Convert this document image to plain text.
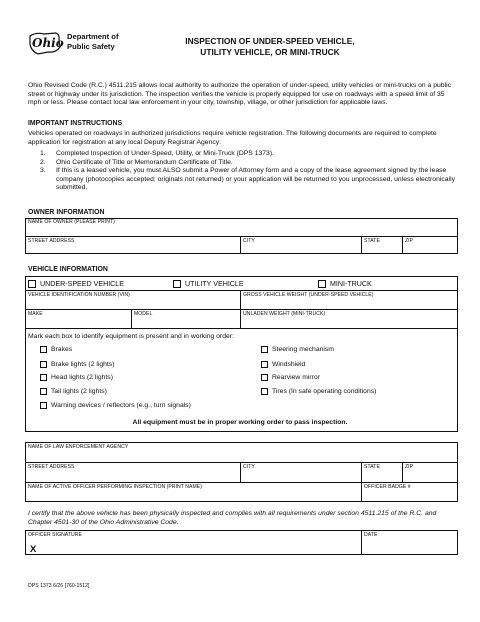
Ohio Department of
Public Safety	INSPECTION OF UNDER-SPEED VEHICLE,
UTILITY VEHICLE, OR MINI-TRUCK
Ohio Revised Code (R.C.) 4511.215 allows local authority to authorize the operation of under-speed, utility vehicles or mini-trucks on a public street or highway under its jurisdiction. The inspection verifies the vehicle is properly equipped for use on roadways with a speed limit of 35 mph or less. Please contact local law enforcement in your city, township, village, or other jurisdiction for applicable laws.
IMPORTANT INSTRUCTIONS
Vehicles operated on roadways in authorized jurisdictions require vehicle registration. The following documents are required to complete application for registration at any local Deputy Registrar Agency:
1. Completed Inspection of Under-Speed, Utility, or Mini-Truck (DPS 1373).
2. Ohio Certificate of Title or Memorandum Certificate of Title.
3. If this is a leased vehicle, you must ALSO submit a Power of Attorney form and a copy of the lease agreement signed by the lease company (photocopies accepted; originals not returned) or your application will be returned to you unprocessed, unless electronically submitted.
OWNER INFORMATION
NAME OF OWNER (PLEASE PRINT)
STREET ADDRESS	CITY	STATE	ZIP
VEHICLE INFORMATION
UNDER-SPEED VEHICLE	UTILITY VEHICLE	MINI-TRUCK
VEHICLE IDENTIFICATION NUMBER (VIN)	GROSS VEHICLE WEIGHT (UNDER-SPEED VEHICLE)
MAKE	MODEL	UNLADEN WEIGHT (MINI-TRUCK)
Mark each box to identify equipment is present and in working order:
Brakes
Brake lights (2 lights)
Head lights (2 lights)
Tail lights (2 lights)
Warning devices / reflectors (e.g., turn signals)
Steering mechanism
Windshield
Rearview mirror
Tires (In safe operating conditions)
All equipment must be in proper working order to pass inspection.
NAME OF LAW ENFORCEMENT AGENCY
STREET ADDRESS	CITY	STATE	ZIP
NAME OF ACTIVE OFFICER PERFORMING INSPECTION (PRINT NAME)	OFFICER BADGE #
I certify that the above vehicle has been physically inspected and complies with all requirements under section 4511.215 of the R.C. and Chapter 4501-30 of the Ohio Administrative Code.
OFFICER SIGNATURE	DATE
X
DPS 1373 6/26 [760-1512]
